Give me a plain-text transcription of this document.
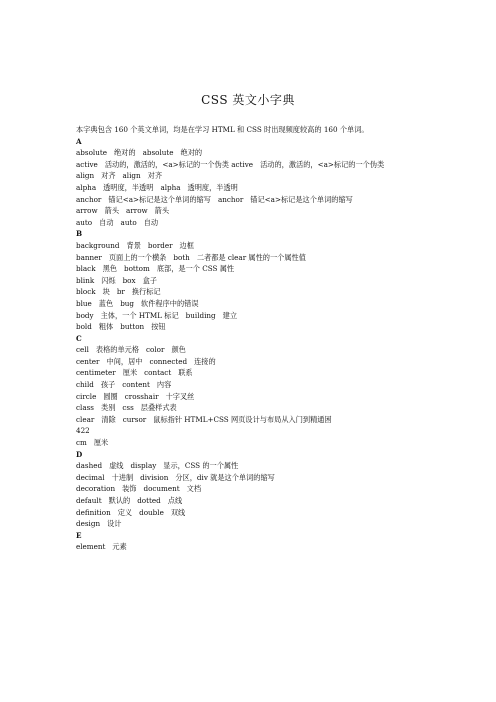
CSS 英文小字典

本字典包含 160 个英文单词，均是在学习 HTML 和 CSS 时出现频度较高的 160 个单词。

A

absolute 绝对的 absolute 绝对的

active 活动的，激活的，<a>标记的一个伪类 active 活动的，激活的，<a>标记的一个伪类

align 对齐 align 对齐

alpha 透明度，半透明 alpha 透明度，半透明

anchor 锚记<a>标记是这个单词的缩写 anchor 锚记<a>标记是这个单词的缩写

arrow 箭头 arrow 箭头

auto 自动 auto 自动

B

background 背景 border 边框

banner 页面上的一个横条 both 二者都是 clear 属性的一个属性值

black 黑色 bottom 底部，是一个 CSS 属性

blink 闪烁 box 盒子

block 块 br 换行标记

blue 蓝色 bug 软件程序中的错误

body 主体，一个 HTML 标记 building 建立

bold 粗体 button 按钮

C

cell 表格的单元格 color 颜色

center 中间，居中 connected 连接的

centimeter 厘米 contact 联系

child 孩子 content 内容

circle 圆圈 crosshair 十字叉丝

class 类别 css 层叠样式表

clear 清除 cursor 鼠标指针 HTML+CSS 网页设计与布局从入门到精通困

422

cm 厘米

D

dashed 虚线 display 显示，CSS 的一个属性

decimal 十进制 division 分区，div 就是这个单词的缩写

decoration 装饰 document 文档

default 默认的 dotted 点线

definition 定义 double 双线

design 设计

E

element 元素
